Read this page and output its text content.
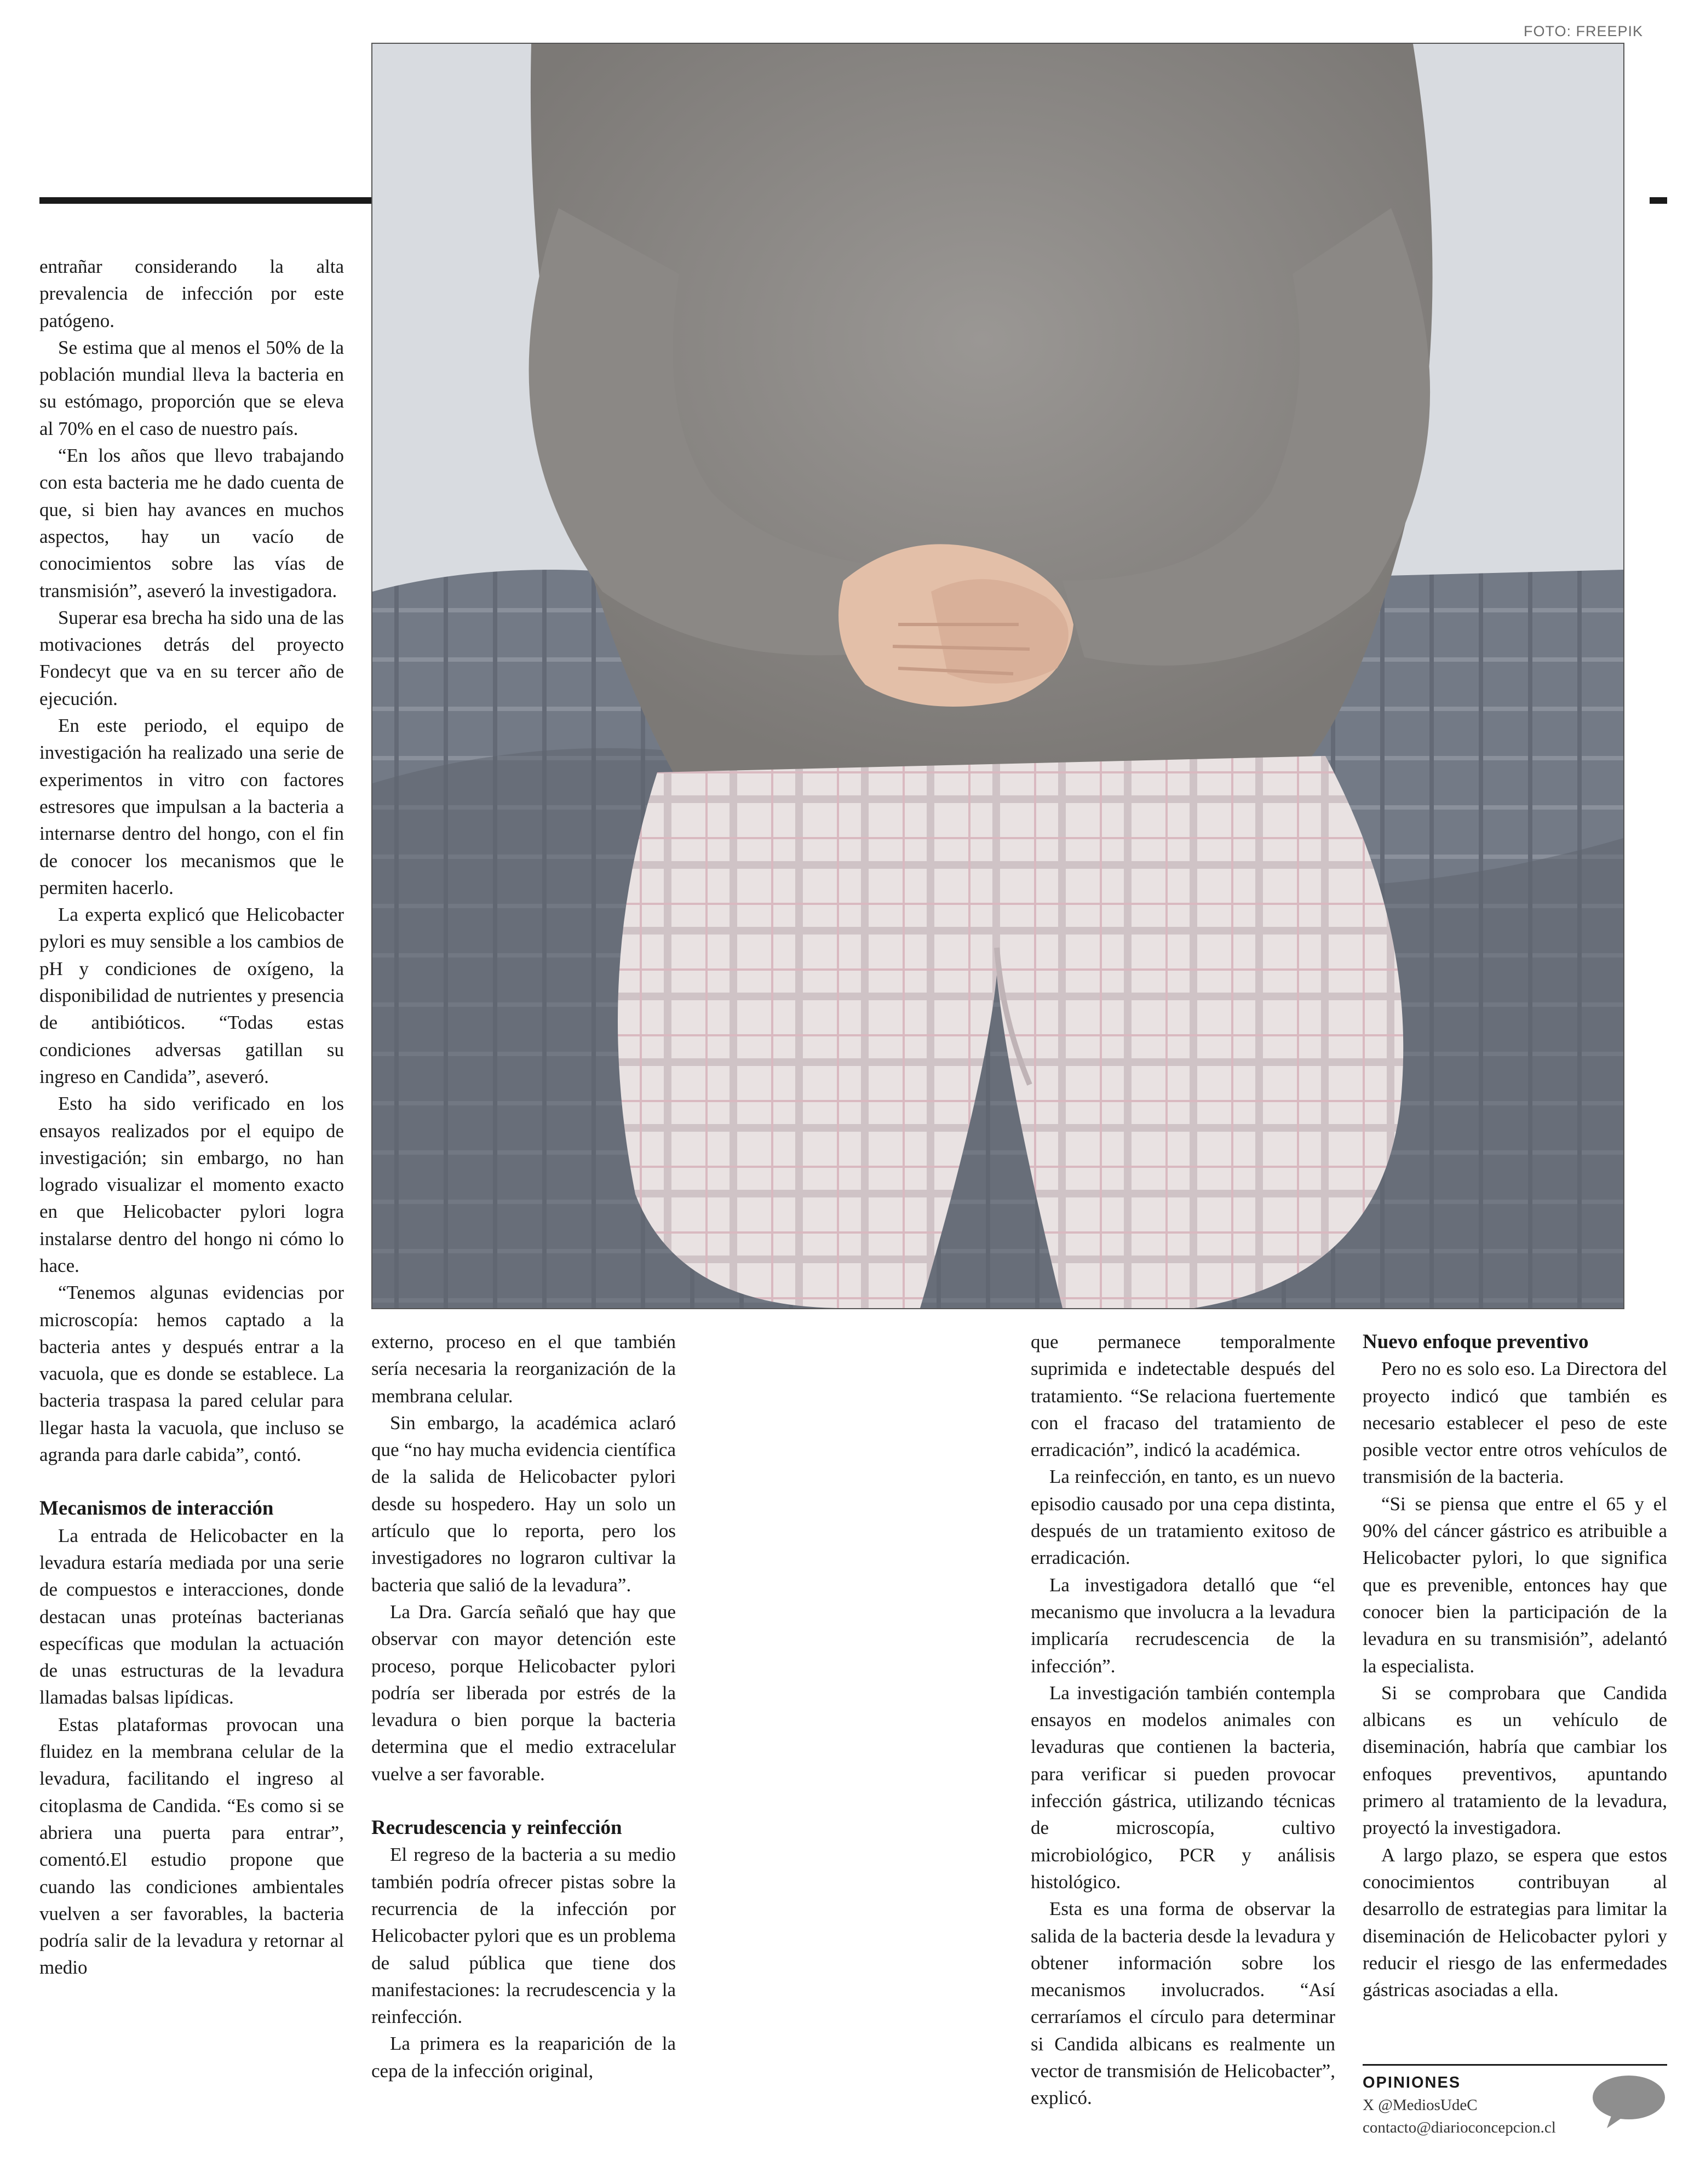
FOTO: FREEPIK

entrañar considerando la alta prevalencia de infección por este patógeno.

Se estima que al menos el 50% de la población mundial lleva la bacteria en su estómago, proporción que se eleva al 70% en el caso de nuestro país.

“En los años que llevo trabajando con esta bacteria me he dado cuenta de que, si bien hay avances en muchos aspectos, hay un vacío de conocimientos sobre las vías de transmisión”, aseveró la investigadora.

Superar esa brecha ha sido una de las motivaciones detrás del proyecto Fondecyt que va en su tercer año de ejecución.

En este periodo, el equipo de investigación ha realizado una serie de experimentos in vitro con factores estresores que impulsan a la bacteria a internarse dentro del hongo, con el fin de conocer los mecanismos que le permiten hacerlo.

La experta explicó que Helicobacter pylori es muy sensible a los cambios de pH y condiciones de oxígeno, la disponibilidad de nutrientes y presencia de antibióticos. “Todas estas condiciones adversas gatillan su ingreso en Candida”, aseveró.

Esto ha sido verificado en los ensayos realizados por el equipo de investigación; sin embargo, no han logrado visualizar el momento exacto en que Helicobacter pylori logra instalarse dentro del hongo ni cómo lo hace.

“Tenemos algunas evidencias por microscopía: hemos captado a la bacteria antes y después entrar a la vacuola, que es donde se establece. La bacteria traspasa la pared celular para llegar hasta la vacuola, que incluso se agranda para darle cabida”, contó.

Mecanismos de interacción

La entrada de Helicobacter en la levadura estaría mediada por una serie de compuestos e interacciones, donde destacan unas proteínas bacterianas específicas que modulan la actuación de unas estructuras de la levadura llamadas balsas lipídicas.

Estas plataformas provocan una fluidez en la membrana celular de la levadura, facilitando el ingreso al citoplasma de Candida. “Es como si se abriera una puerta para entrar”, comentó.El estudio propone que cuando las condiciones ambientales vuelven a ser favorables, la bacteria podría salir de la levadura y retornar al medio

externo, proceso en el que también sería necesaria la reorganización de la membrana celular.

Sin embargo, la académica aclaró que “no hay mucha evidencia científica de la salida de Helicobacter pylori desde su hospedero. Hay un solo un artículo que lo reporta, pero los investigadores no lograron cultivar la bacteria que salió de la levadura”.

La Dra. García señaló que hay que observar con mayor detención este proceso, porque Helicobacter pylori podría ser liberada por estrés de la levadura o bien porque la bacteria determina que el medio extracelular vuelve a ser favorable.

Recrudescencia y reinfección

El regreso de la bacteria a su medio también podría ofrecer pistas sobre la recurrencia de la infección por Helicobacter pylori que es un problema de salud pública que tiene dos manifestaciones: la recrudescencia y la reinfección.

La primera es la reaparición de la cepa de la infección original,

que permanece temporalmente suprimida e indetectable después del tratamiento. “Se relaciona fuertemente con el fracaso del tratamiento de erradicación”, indicó la académica.

La reinfección, en tanto, es un nuevo episodio causado por una cepa distinta, después de un tratamiento exitoso de erradicación.

La investigadora detalló que “el mecanismo que involucra a la levadura implicaría recrudescencia de la infección”.

La investigación también contempla ensayos en modelos animales con levaduras que contienen la bacteria, para verificar si pueden provocar infección gástrica, utilizando técnicas de microscopía, cultivo microbiológico, PCR y análisis histológico.

Esta es una forma de observar la salida de la bacteria desde la levadura y obtener información sobre los mecanismos involucrados. “Así cerraríamos el círculo para determinar si Candida albicans es realmente un vector de transmisión de Helicobacter”, explicó.

Nuevo enfoque preventivo

Pero no es solo eso. La Directora del proyecto indicó que también es necesario establecer el peso de este posible vector entre otros vehículos de transmisión de la bacteria.

“Si se piensa que entre el 65 y el 90% del cáncer gástrico es atribuible a Helicobacter pylori, lo que significa que es prevenible, entonces hay que conocer bien la participación de la levadura en su transmisión”, adelantó la especialista.

Si se comprobara que Candida albicans es un vehículo de diseminación, habría que cambiar los enfoques preventivos, apuntando primero al tratamiento de la levadura, proyectó la investigadora.

A largo plazo, se espera que estos conocimientos contribuyan al desarrollo de estrategias para limitar la diseminación de Helicobacter pylori y reducir el riesgo de las enfermedades gástricas asociadas a ella.

OPINIONES
X @MediosUdeC
contacto@diarioconcepcion.cl
